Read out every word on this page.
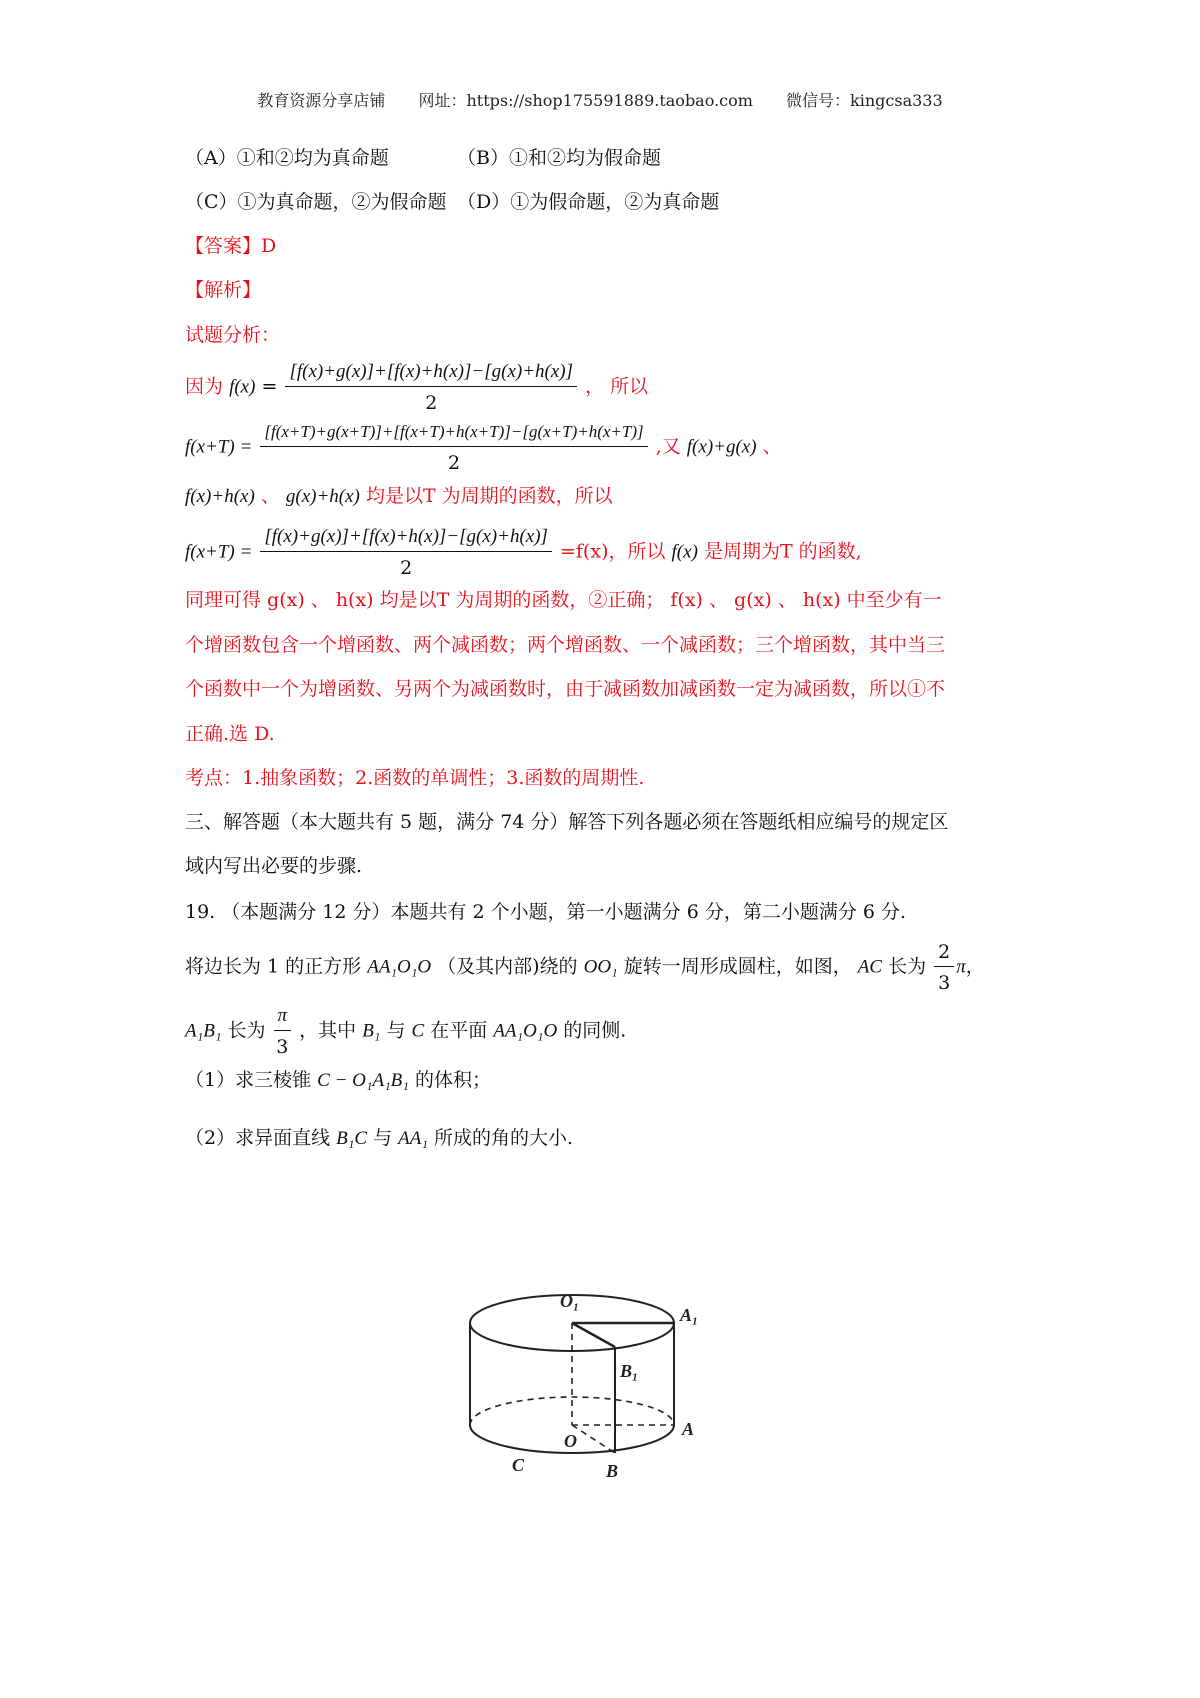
教育资源分享店铺 网址：https://shop175591889.taobao.com 微信号：kingcsa333
（A）①和②均为真命题	（B）①和②均为假命题
（C）①为真命题，②为假命题 （D）①为假命题，②为真命题
【答案】D
【解析】
试题分析：
因为 $f(x) = \frac{[f(x)+g(x)]+[f(x)+h(x)]-[g(x)+h(x)]}{2}$ ， 所以
$f(x+T) = \frac{[f(x+T)+g(x+T)]+[f(x+T)+h(x+T)]-[g(x+T)+h(x+T)]}{2}$ ,又 f(x)+g(x) 、
f(x)+h(x) 、 g(x)+h(x) 均是以T 为周期的函数，所以
$f(x+T) = \frac{[f(x)+g(x)]+[f(x)+h(x)]-[g(x)+h(x)]}{2} =f(x)$，所以 f(x) 是周期为T 的函数,
同理可得 g(x) 、 h(x) 均是以T 为周期的函数，②正确； f(x) 、 g(x) 、 h(x) 中至少有一
个增函数包含一个增函数、两个减函数；两个增函数、一个减函数；三个增函数，其中当三
个函数中一个为增函数、另两个为减函数时，由于减函数加减函数一定为减函数，所以①不
正确.选 D.
考点：1.抽象函数；2.函数的单调性；3.函数的周期性.
三、解答题（本大题共有 5 题，满分 74 分）解答下列各题必须在答题纸相应编号的规定区
域内写出必要的步骤.
19. （本题满分 12 分）本题共有 2 个小题，第一小题满分 6 分，第二小题满分 6 分.
将边长为 1 的正方形 AA₁O₁O （及其内部)绕的 OO₁ 旋转一周形成圆柱，如图， AC 长为 $\frac{2}{3}$ π，
A₁B₁ 长为 $\frac{\pi}{3}$ ，其中 B₁ 与 C 在平面 AA₁O₁O 的同侧.
（1）求三棱锥 C − O₁A₁B₁ 的体积；
（2）求异面直线 B₁C 与 AA₁ 所成的角的大小.
O₁
A₁
B₁
O
A
B
C
